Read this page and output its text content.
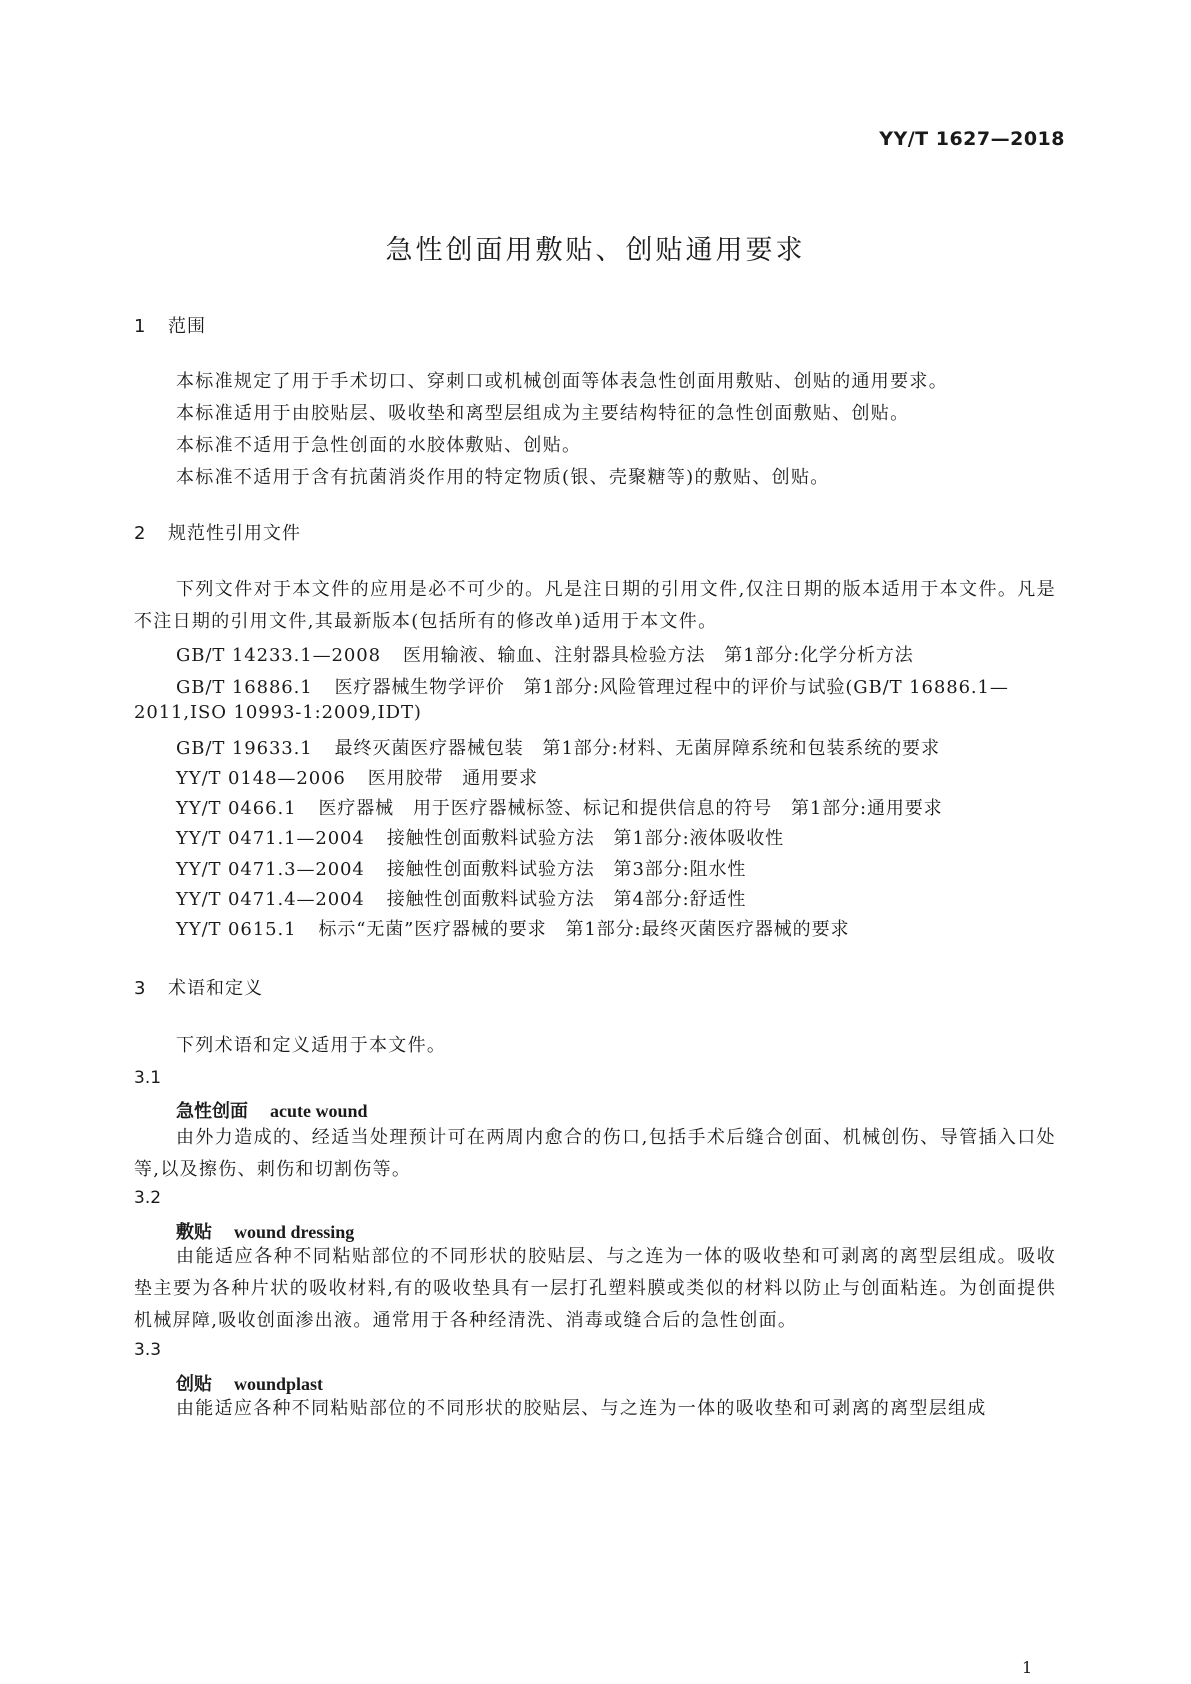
YY/T 1627—2018
急性创面用敷贴、创贴通用要求
1 范围
本标准规定了用于手术切口、穿刺口或机械创面等体表急性创面用敷贴、创贴的通用要求。
本标准适用于由胶贴层、吸收垫和离型层组成为主要结构特征的急性创面敷贴、创贴。
本标准不适用于急性创面的水胶体敷贴、创贴。
本标准不适用于含有抗菌消炎作用的特定物质(银、壳聚糖等)的敷贴、创贴。
2 规范性引用文件
下列文件对于本文件的应用是必不可少的。凡是注日期的引用文件,仅注日期的版本适用于本文件。凡是不注日期的引用文件,其最新版本(包括所有的修改单)适用于本文件。
GB/T 14233.1—2008 医用输液、输血、注射器具检验方法　第1部分:化学分析方法
GB/T 16886.1 医疗器械生物学评价　第1部分:风险管理过程中的评价与试验(GB/T 16886.1—
2011,ISO 10993-1:2009,IDT)
GB/T 19633.1 最终灭菌医疗器械包装　第1部分:材料、无菌屏障系统和包装系统的要求
YY/T 0148—2006 医用胶带　通用要求
YY/T 0466.1 医疗器械　用于医疗器械标签、标记和提供信息的符号　第1部分:通用要求
YY/T 0471.1—2004 接触性创面敷料试验方法　第1部分:液体吸收性
YY/T 0471.3—2004 接触性创面敷料试验方法　第3部分:阻水性
YY/T 0471.4—2004 接触性创面敷料试验方法　第4部分:舒适性
YY/T 0615.1 标示“无菌”医疗器械的要求　第1部分:最终灭菌医疗器械的要求
3 术语和定义
下列术语和定义适用于本文件。
3.1
急性创面 acute wound
由外力造成的、经适当处理预计可在两周内愈合的伤口,包括手术后缝合创面、机械创伤、导管插入口处等,以及擦伤、刺伤和切割伤等。
3.2
敷贴 wound dressing
由能适应各种不同粘贴部位的不同形状的胶贴层、与之连为一体的吸收垫和可剥离的离型层组成。吸收垫主要为各种片状的吸收材料,有的吸收垫具有一层打孔塑料膜或类似的材料以防止与创面粘连。为创面提供机械屏障,吸收创面渗出液。通常用于各种经清洗、消毒或缝合后的急性创面。
3.3
创贴 woundplast
由能适应各种不同粘贴部位的不同形状的胶贴层、与之连为一体的吸收垫和可剥离的离型层组成
1
